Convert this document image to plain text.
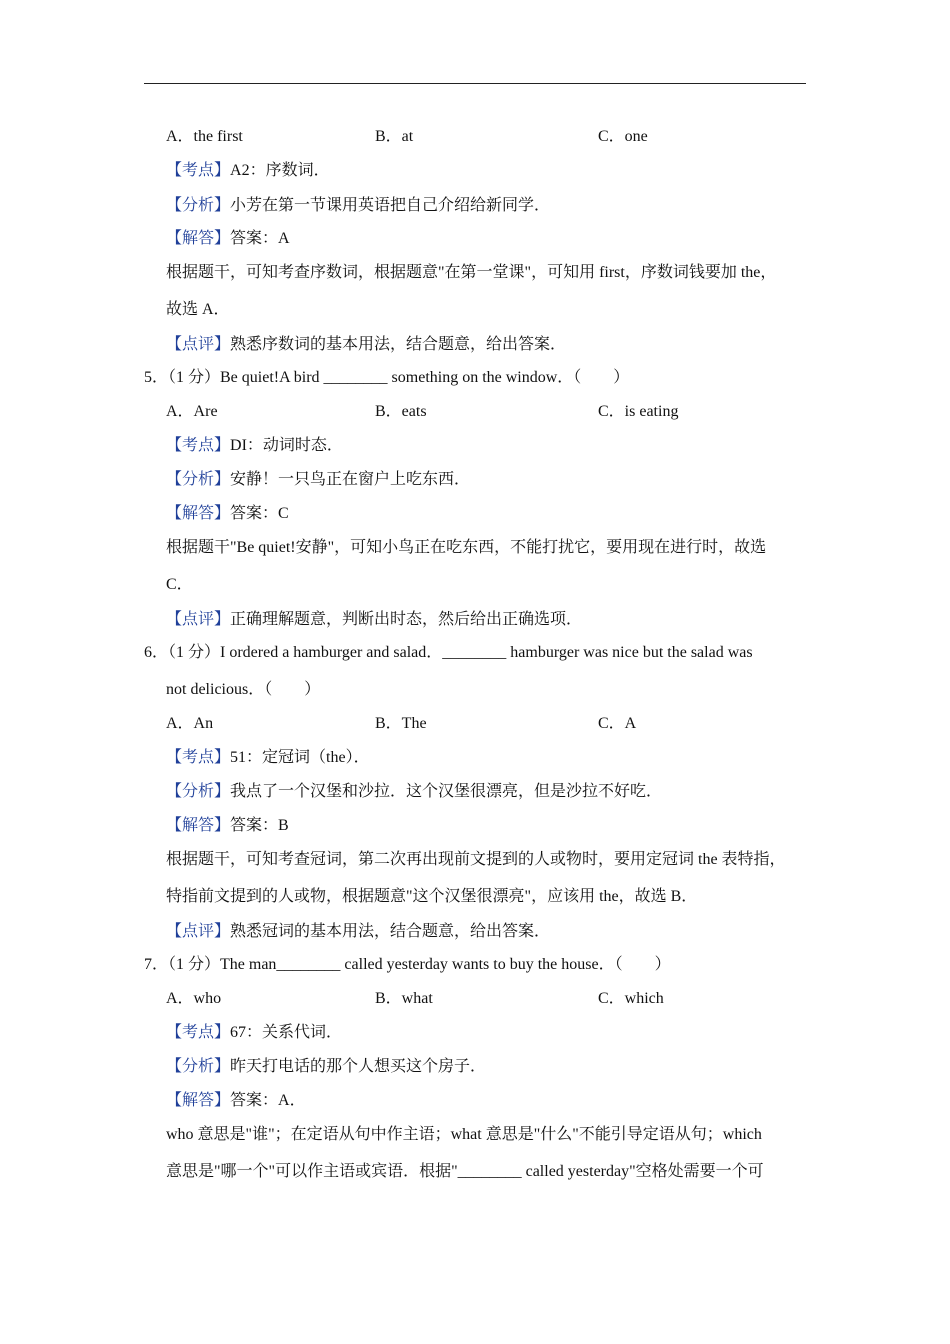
A．the first	B．at	C．one
【考点】A2：序数词．
【分析】小芳在第一节课用英语把自己介绍给新同学．
【解答】答案：A
根据题干，可知考查序数词，根据题意"在第一堂课"，可知用 first，序数词钱要加 the，
故选 A．
【点评】熟悉序数词的基本用法，结合题意，给出答案．
5．（1 分）Be quiet!A bird ________ something on the window．（　　）
A．Are	B．eats	C．is eating
【考点】DI：动词时态．
【分析】安静！一只鸟正在窗户上吃东西．
【解答】答案：C
根据题干"Be quiet!安静"，可知小鸟正在吃东西，不能打扰它，要用现在进行时，故选
C．
【点评】正确理解题意，判断出时态，然后给出正确选项．
6．（1 分）I ordered a hamburger and salad．________ hamburger was nice but the salad was
not delicious．（　　）
A．An	B．The	C．A
【考点】51：定冠词（the）．
【分析】我点了一个汉堡和沙拉．这个汉堡很漂亮，但是沙拉不好吃．
【解答】答案：B
根据题干，可知考查冠词，第二次再出现前文提到的人或物时，要用定冠词 the 表特指，
特指前文提到的人或物，根据题意"这个汉堡很漂亮"，应该用 the，故选 B．
【点评】熟悉冠词的基本用法，结合题意，给出答案．
7．（1 分）The man________ called yesterday wants to buy the house．（　　）
A．who	B．what	C．which
【考点】67：关系代词．
【分析】昨天打电话的那个人想买这个房子．
【解答】答案：A．
who 意思是"谁"；在定语从句中作主语；what 意思是"什么"不能引导定语从句；which
意思是"哪一个"可以作主语或宾语．根据"________ called yesterday"空格处需要一个可
